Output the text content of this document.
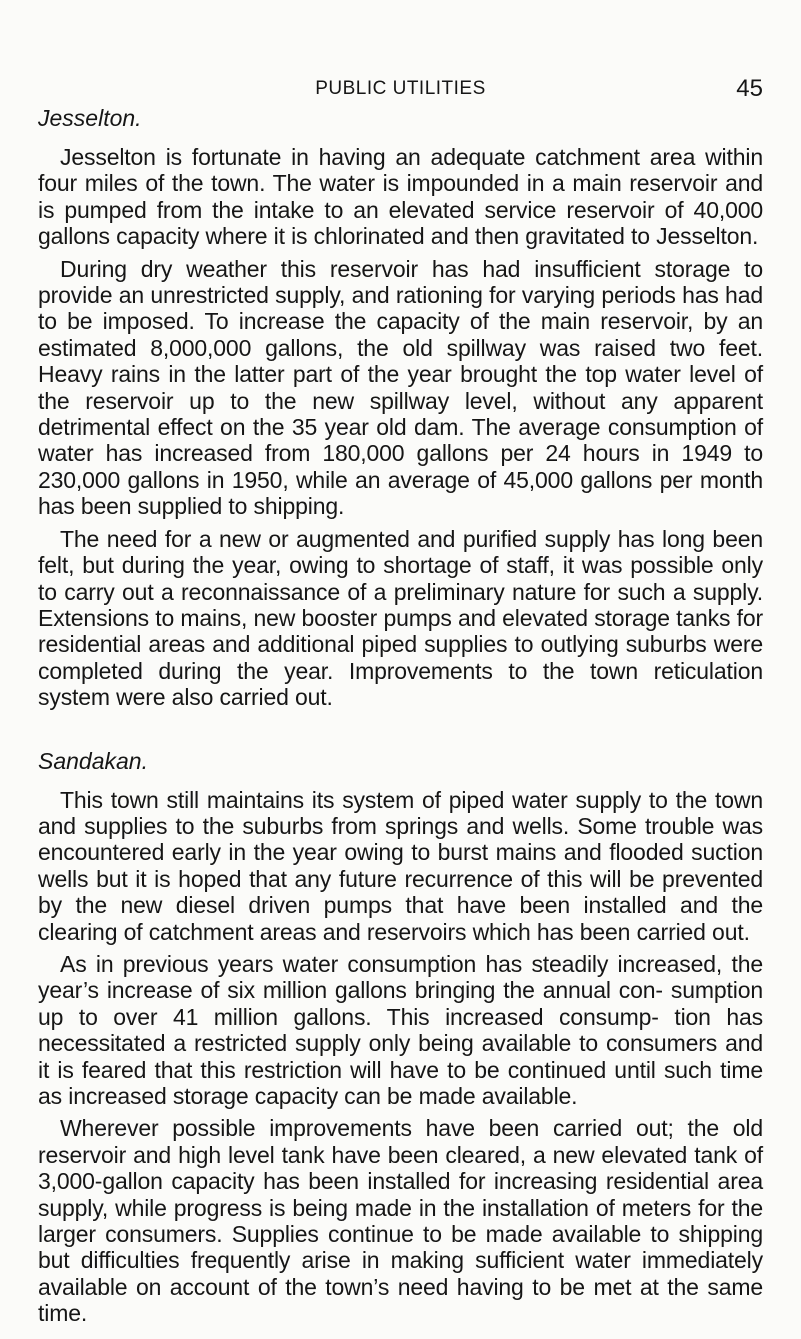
PUBLIC UTILITIES	45
Jesselton.

Jesselton is fortunate in having an adequate catchment area within four miles of the town. The water is impounded in a main reservoir and is pumped from the intake to an elevated service reservoir of 40,000 gallons capacity where it is chlorinated and then gravitated to Jesselton.

During dry weather this reservoir has had insufficient storage to provide an unrestricted supply, and rationing for varying periods has had to be imposed. To increase the capacity of the main reservoir, by an estimated 8,000,000 gallons, the old spillway was raised two feet. Heavy rains in the latter part of the year brought the top water level of the reservoir up to the new spillway level, without any apparent detrimental effect on the 35 year old dam. The average consumption of water has increased from 180,000 gallons per 24 hours in 1949 to 230,000 gallons in 1950, while an average of 45,000 gallons per month has been supplied to shipping.

The need for a new or augmented and purified supply has long been felt, but during the year, owing to shortage of staff, it was possible only to carry out a reconnaissance of a preliminary nature for such a supply. Extensions to mains, new booster pumps and elevated storage tanks for residential areas and additional piped supplies to outlying suburbs were completed during the year. Improvements to the town reticulation system were also carried out.

Sandakan.

This town still maintains its system of piped water supply to the town and supplies to the suburbs from springs and wells. Some trouble was encountered early in the year owing to burst mains and flooded suction wells but it is hoped that any future recurrence of this will be prevented by the new diesel driven pumps that have been installed and the clearing of catchment areas and reservoirs which has been carried out.

As in previous years water consumption has steadily increased, the year’s increase of six million gallons bringing the annual con- sumption up to over 41 million gallons. This increased consump- tion has necessitated a restricted supply only being available to consumers and it is feared that this restriction will have to be continued until such time as increased storage capacity can be made available.

Wherever possible improvements have been carried out; the old reservoir and high level tank have been cleared, a new elevated tank of 3,000-gallon capacity has been installed for increasing residential area supply, while progress is being made in the installation of meters for the larger consumers. Supplies continue to be made available to shipping but difficulties frequently arise in making sufficient water immediately available on account of the town’s need having to be met at the same time.
